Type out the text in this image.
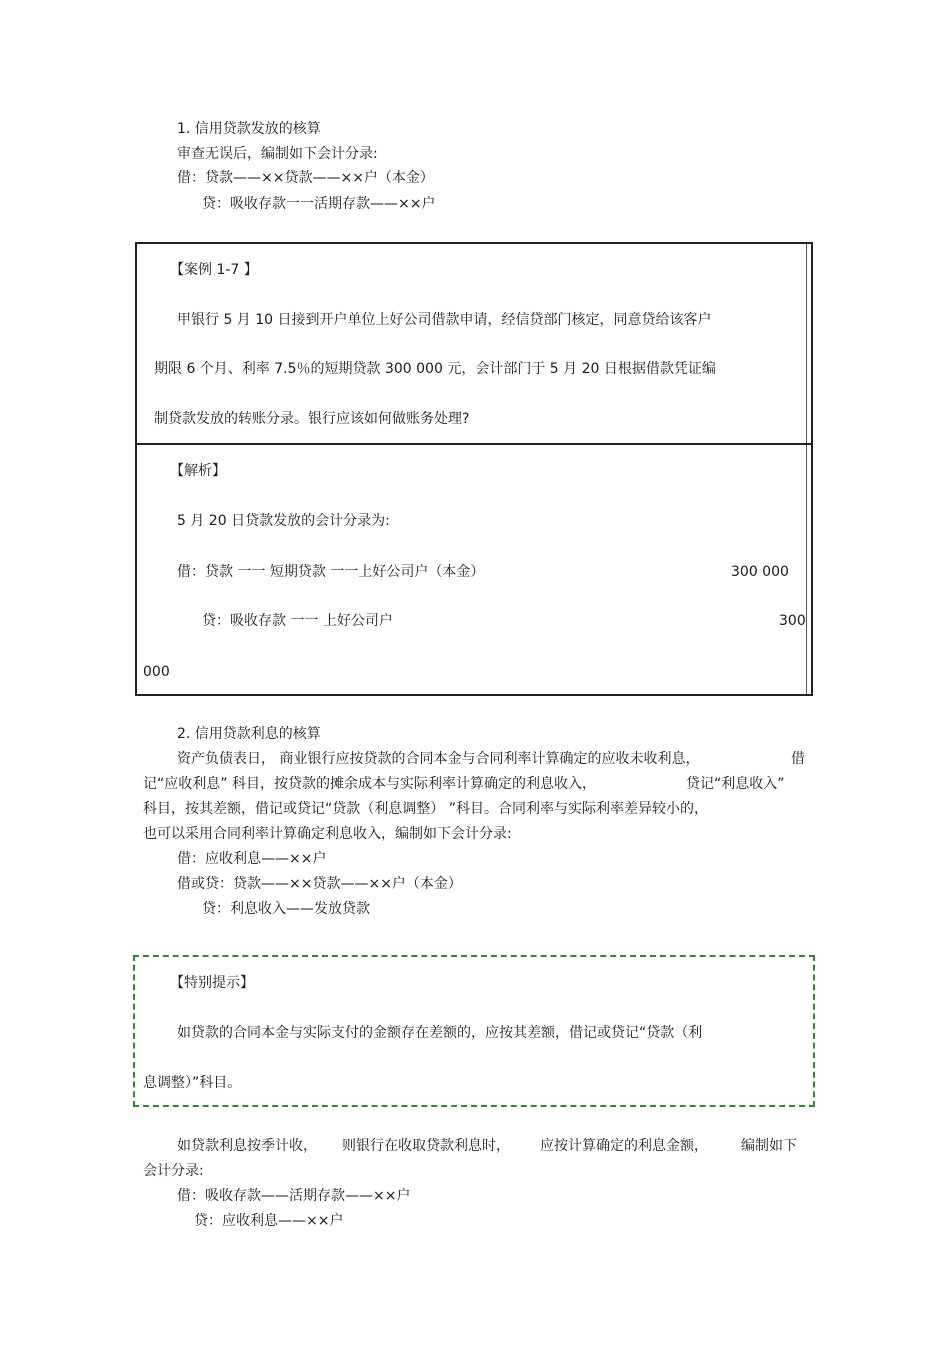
1. 信用贷款发放的核算
审查无误后，编制如下会计分录:
借：贷款——××贷款——××户（本金）
贷：吸收存款一一活期存款——××户
【案例 1-7 】
甲银行 5 月 10 日接到开户单位上好公司借款申请，经信贷部门核定，同意贷给该客户
期限 6 个月、利率 7.5％的短期贷款 300 000 元，会计部门于 5 月 20 日根据借款凭证编
制贷款发放的转账分录。银行应该如何做账务处理?
【解析】
5 月 20 日贷款发放的会计分录为:
借：贷款 一一 短期贷款 一一上好公司户（本金）	300 000
贷：吸收存款 一一 上好公司户	300
000
2. 信用贷款利息的核算
资产负债表日， 商业银行应按贷款的合同本金与合同利率计算确定的应收未收利息，	借
记“应收利息” 科目，按贷款的摊余成本与实际利率计算确定的利息收入，	贷记“利息收入”
科目，按其差额，借记或贷记“贷款（利息调整） ”科目。合同利率与实际利率差异较小的，
也可以采用合同利率计算确定利息收入，编制如下会计分录:
借：应收利息——××户
借或贷：贷款——××贷款——××户（本金）
贷：利息收入——发放贷款
【特别提示】
如贷款的合同本金与实际支付的金额存在差额的，应按其差额，借记或贷记“贷款（利
息调整）”科目。
如贷款利息按季计收， 则银行在收取贷款利息时， 应按计算确定的利息金额， 编制如下
会计分录:
借：吸收存款——活期存款——××户
贷：应收利息——××户
